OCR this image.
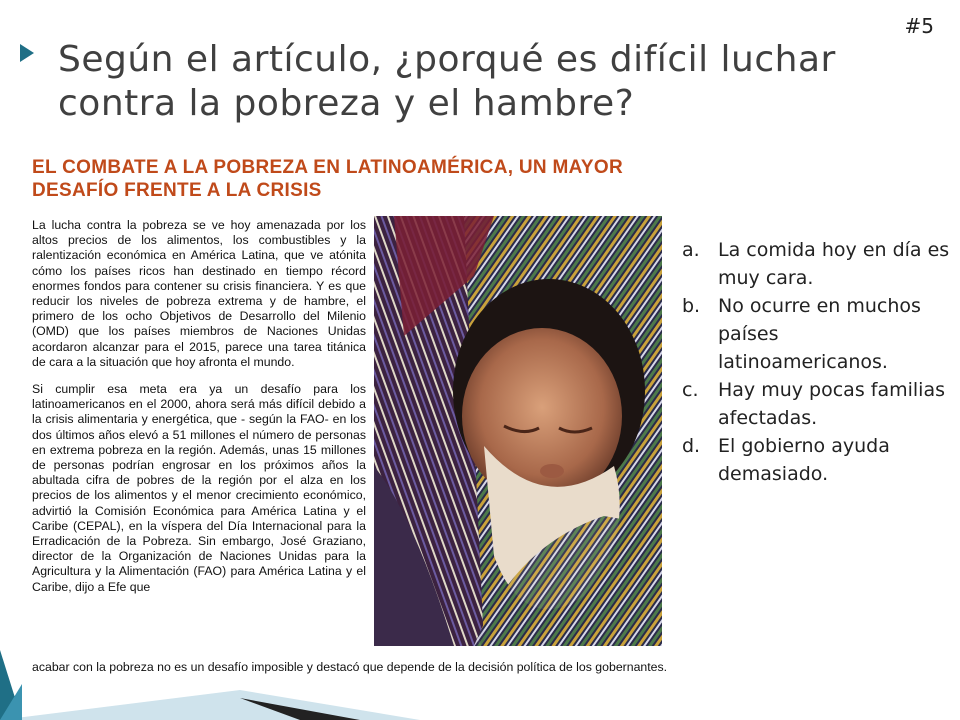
#5
Según el artículo, ¿porqué es difícil luchar contra la pobreza y el hambre?
EL COMBATE A LA POBREZA EN LATINOAMÉRICA, UN MAYOR DESAFÍO FRENTE A LA CRISIS

La lucha contra la pobreza se ve hoy amenazada por los altos precios de los alimentos, los combustibles y la ralentización económica en América Latina, que ve atónita cómo los países ricos han destinado en tiempo récord enormes fondos para contener su crisis financiera. Y es que reducir los niveles de pobreza extrema y de hambre, el primero de los ocho Objetivos de Desarrollo del Milenio (OMD) que los países miembros de Naciones Unidas acordaron alcanzar para el 2015, parece una tarea titánica de cara a la situación que hoy afronta el mundo.

Si cumplir esa meta era ya un desafío para los latinoamericanos en el 2000, ahora será más difícil debido a la crisis alimentaria y energética, que - según la FAO- en los dos últimos años elevó a 51 millones el número de personas en extrema pobreza en la región. Además, unas 15 millones de personas podrían engrosar en los próximos años la abultada cifra de pobres de la región por el alza en los precios de los alimentos y el menor crecimiento económico, advirtió la Comisión Económica para América Latina y el Caribe (CEPAL), en la víspera del Día Internacional para la Erradicación de la Pobreza. Sin embargo, José Graziano, director de la Organización de Naciones Unidas para la Agricultura y la Alimentación (FAO) para América Latina y el Caribe, dijo a Efe que

acabar con la pobreza no es un desafío imposible y destacó que depende de la decisión política de los gobernantes.
a. La comida hoy en día es muy cara.
b. No ocurre en muchos países latinoamericanos.
c.	Hay muy pocas familias afectadas.
d. El gobierno ayuda demasiado.
